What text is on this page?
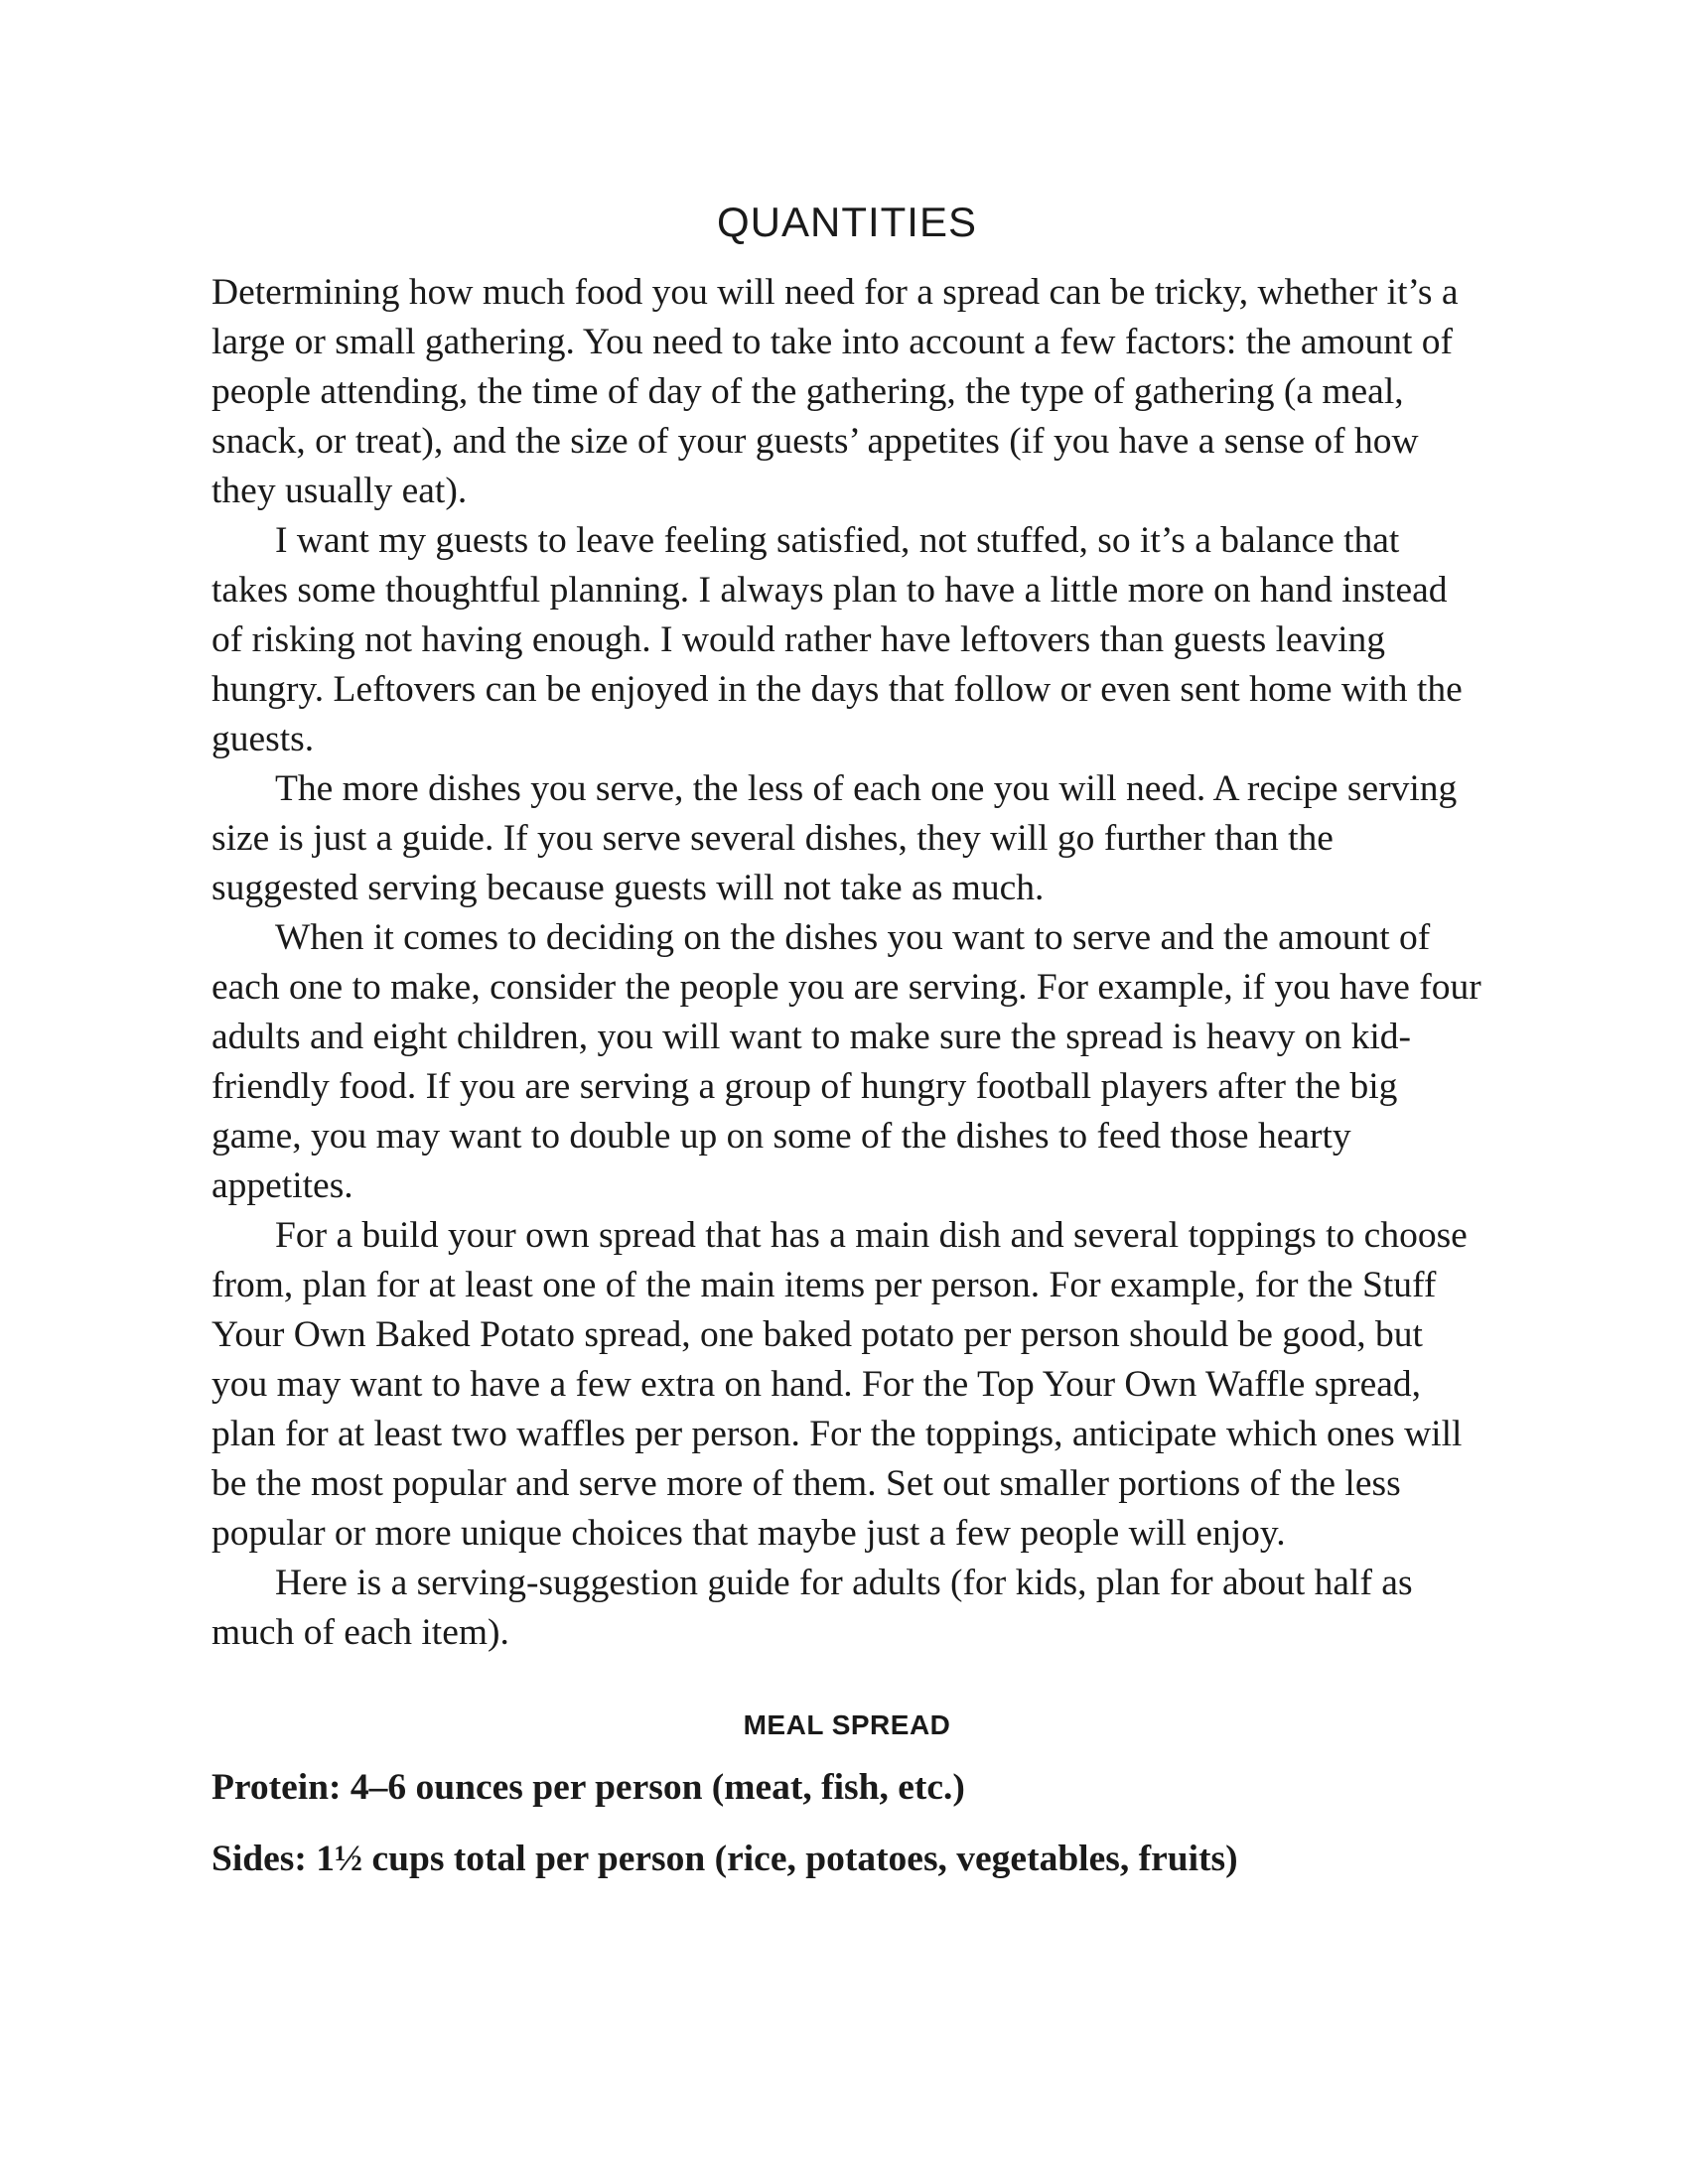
QUANTITIES

Determining how much food you will need for a spread can be tricky, whether it’s a large or small gathering. You need to take into account a few factors: the amount of people attending, the time of day of the gathering, the type of gathering (a meal, snack, or treat), and the size of your guests’ appetites (if you have a sense of how they usually eat).

I want my guests to leave feeling satisfied, not stuffed, so it’s a balance that takes some thoughtful planning. I always plan to have a little more on hand instead of risking not having enough. I would rather have leftovers than guests leaving hungry. Leftovers can be enjoyed in the days that follow or even sent home with the guests.

The more dishes you serve, the less of each one you will need. A recipe serving size is just a guide. If you serve several dishes, they will go further than the suggested serving because guests will not take as much.

When it comes to deciding on the dishes you want to serve and the amount of each one to make, consider the people you are serving. For example, if you have four adults and eight children, you will want to make sure the spread is heavy on kid-friendly food. If you are serving a group of hungry football players after the big game, you may want to double up on some of the dishes to feed those hearty appetites.

For a build your own spread that has a main dish and several toppings to choose from, plan for at least one of the main items per person. For example, for the Stuff Your Own Baked Potato spread, one baked potato per person should be good, but you may want to have a few extra on hand. For the Top Your Own Waffle spread, plan for at least two waffles per person. For the toppings, anticipate which ones will be the most popular and serve more of them. Set out smaller portions of the less popular or more unique choices that maybe just a few people will enjoy.

Here is a serving-suggestion guide for adults (for kids, plan for about half as much of each item).

MEAL SPREAD

Protein: 4–6 ounces per person (meat, fish, etc.)

Sides: 1½ cups total per person (rice, potatoes, vegetables, fruits)
